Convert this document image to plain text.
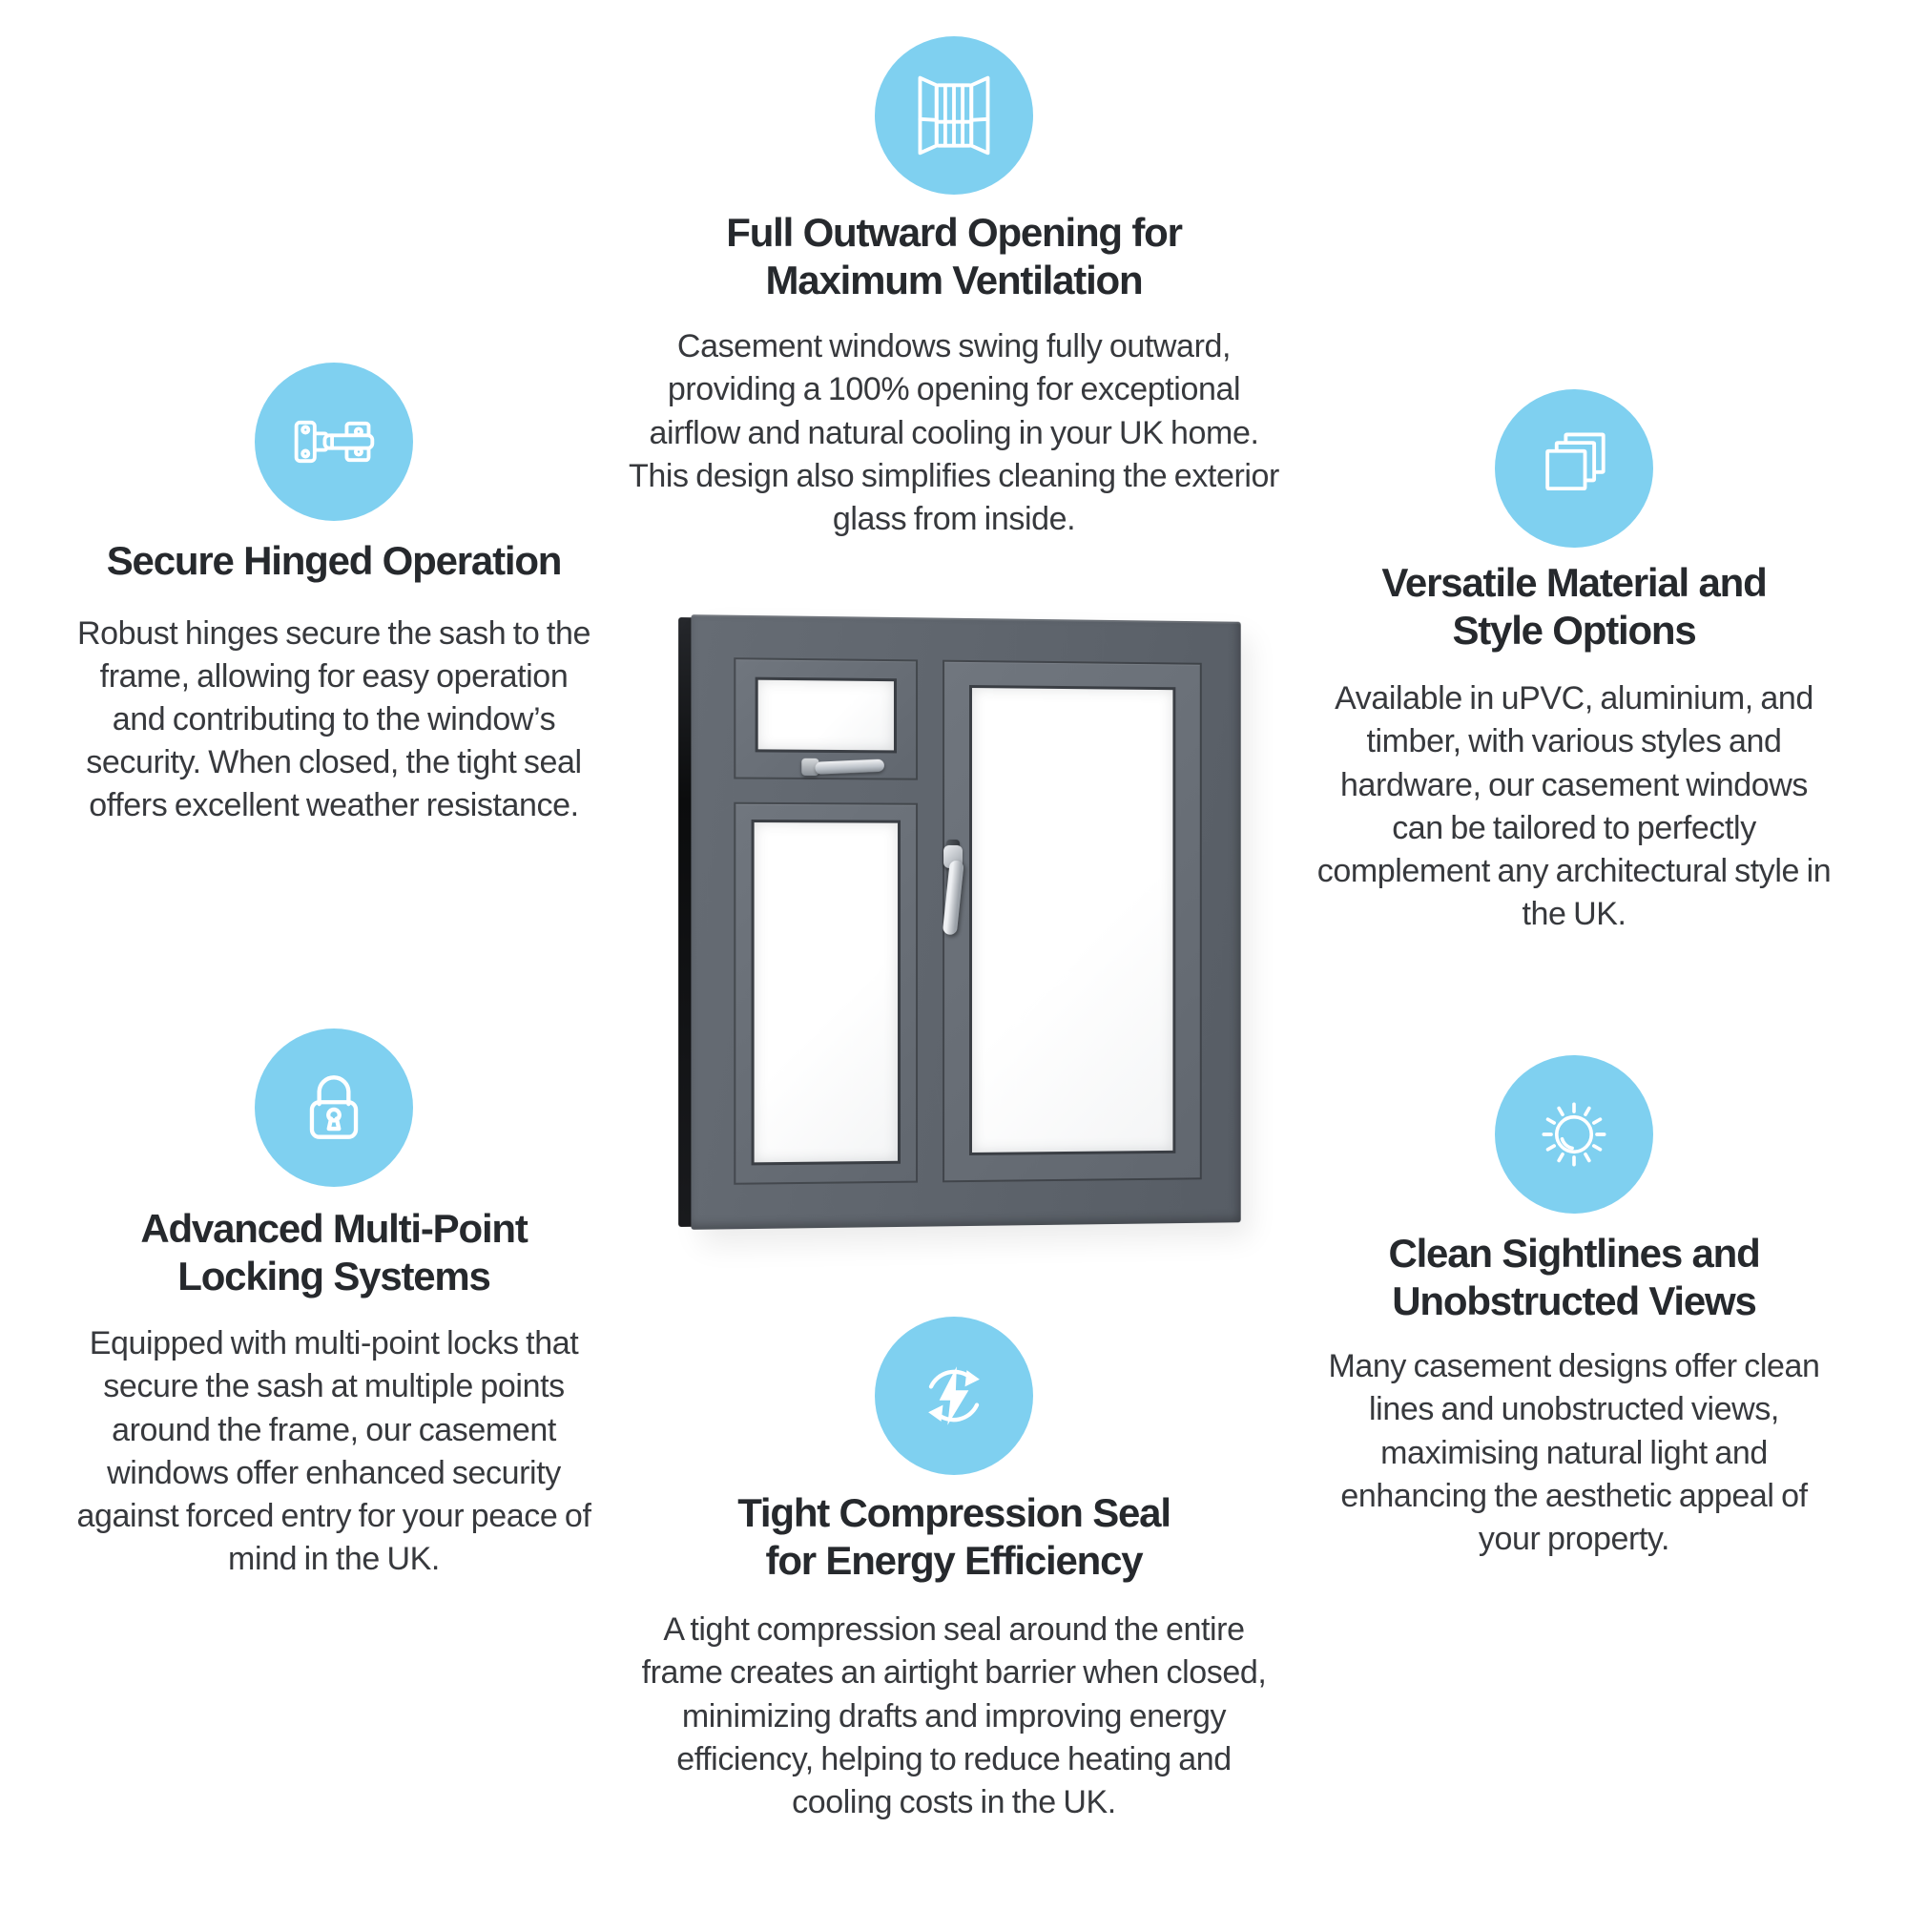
Full Outward Opening for
Maximum Ventilation
Casement windows swing fully outward, providing a 100% opening for exceptional airflow and natural cooling in your UK home. This design also simplifies cleaning the exterior glass from inside.
Secure Hinged Operation
Robust hinges secure the sash to the frame, allowing for easy operation and contributing to the window’s security. When closed, the tight seal offers excellent weather resistance.
Advanced Multi-Point
Locking Systems
Equipped with multi-point locks that secure the sash at multiple points around the frame, our casement windows offer enhanced security against forced entry for your peace of mind in the UK.
Versatile Material and
Style Options
Available in uPVC, aluminium, and timber, with various styles and hardware, our casement windows can be tailored to perfectly complement any architectural style in the UK.
Clean Sightlines and
Unobstructed Views
Many casement designs offer clean lines and unobstructed views, maximising natural light and enhancing the aesthetic appeal of your property.
Tight Compression Seal
for Energy Efficiency
A tight compression seal around the entire frame creates an airtight barrier when closed, minimizing drafts and improving energy efficiency, helping to reduce heating and cooling costs in the UK.
